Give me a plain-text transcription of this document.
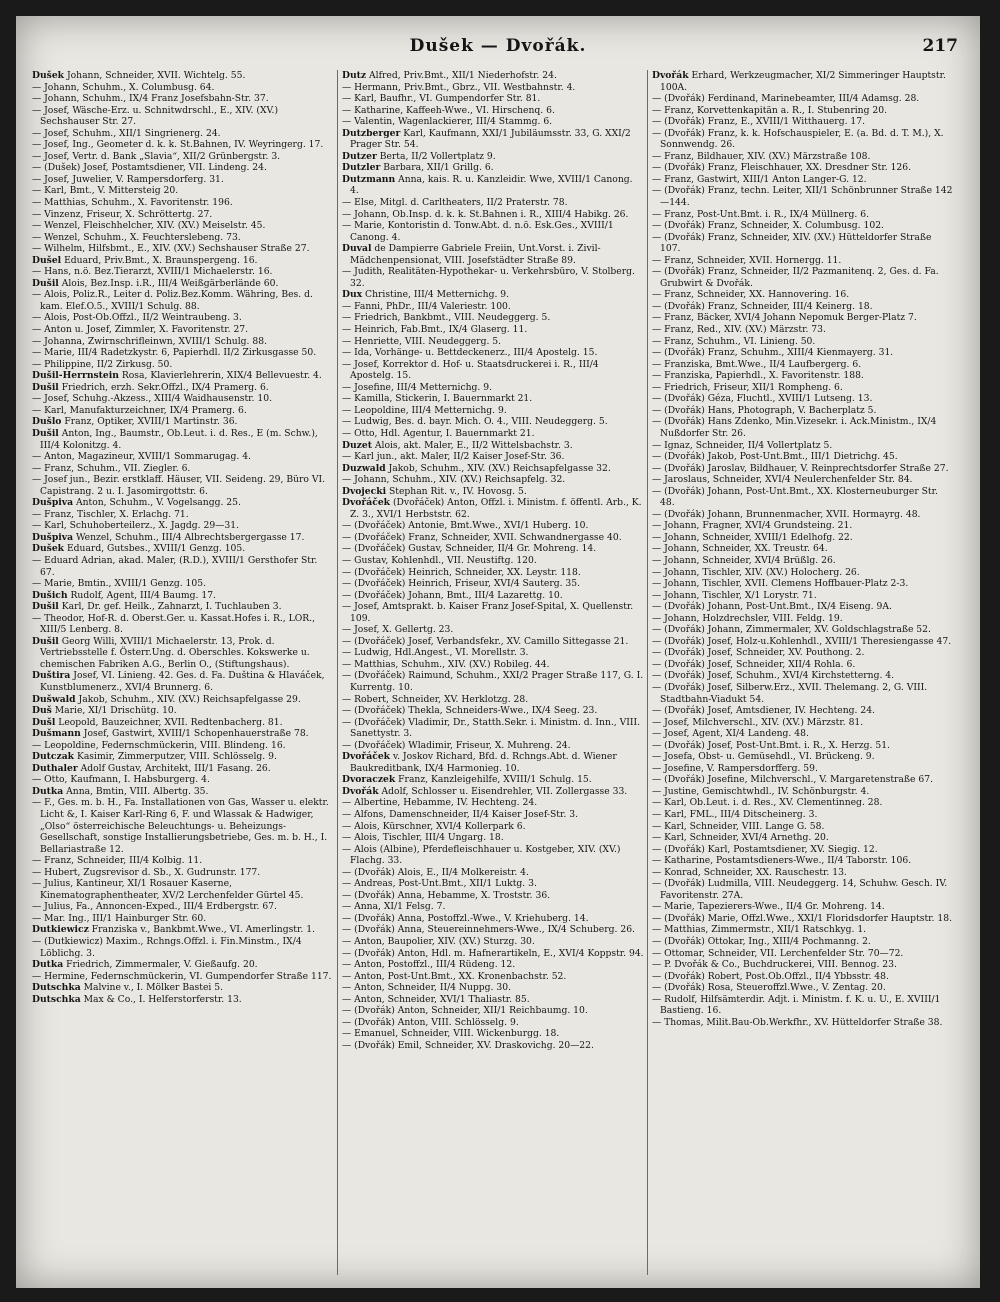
Dušek — Dvořák.	217

Dušek Johann, Schneider, XVII. Wichtelg. 55.

— Johann, Schuhm., X. Columbusg. 64.

— Johann, Schuhm., IX/4 Franz Josefsbahn-Str. 37.

— Josef, Wäsche-Erz. u. Schnitwdrschl., E., XIV. (XV.) Sechshauser Str. 27.

— Josef, Schuhm., XII/1 Singrienerg. 24.

— Josef, Ing., Geometer d. k. k. St.Bahnen, IV. Weyringerg. 17.

— Josef, Vertr. d. Bank „Slavia“, XII/2 Grünbergstr. 3.

— (Dušek) Josef, Postamtsdiener, VII. Lindeng. 24.

— Josef, Juwelier, V. Rampersdorferg. 31.

— Karl, Bmt., V. Mittersteig 20.

— Matthias, Schuhm., X. Favoritenstr. 196.

— Vinzenz, Friseur, X. Schröttertg. 27.

— Wenzel, Fleischhelcher, XIV. (XV.) Meiselstr. 45.

— Wenzel, Schuhm., X. Feuchterslebeng. 73.

— Wilhelm, Hilfsbmt., E., XIV. (XV.) Sechshauser Straße 27.

Dušel Eduard, Priv.Bmt., X. Braunspergeng. 16.

— Hans, n.ö. Bez.Tierarzt, XVIII/1 Michaelerstr. 16.

Dušil Alois, Bez.Insp. i.R., III/4 Weißgärberlände 60.

— Alois, Poliz.R., Leiter d. Poliz.Bez.Komm. Währing, Bes. d. kam. Elef.O.5., XVIII/1 Schulg. 88.

— Alois, Post-Ob.Offzl., II/2 Weintraubeng. 3.

— Anton u. Josef, Zimmler, X. Favoritenstr. 27.

— Johanna, Zwirnschrifleinwn, XVIII/1 Schulg. 88.

— Marie, III/4 Radetzkystr. 6, Papierhdl. II/2 Zirkusgasse 50.

— Philippine, II/2 Zirkusg. 50.

Dušil-Herrnstein Rosa, Klavierlehrerin, XIX/4 Bellevuestr. 4.

Dušil Friedrich, erzh. Sekr.Offzl., IX/4 Pramerg. 6.

— Josef, Schuhg.-Akzess., XIII/4 Waidhausenstr. 10.

— Karl, Manufakturzeichner, IX/4 Pramerg. 6.

Dušlo Franz, Optiker, XVIII/1 Martinstr. 36.

Dušil Anton, Ing., Baumstr., Ob.Leut. i. d. Res., E (m. Schw.), III/4 Kolonitzg. 4.

— Anton, Magazineur, XVIII/1 Sommarugag. 4.

— Franz, Schuhm., VII. Ziegler. 6.

— Josef jun., Bezir. erstklaff. Häuser, VII. Seideng. 29, Büro VI. Capistrang. 2 u. I. Jasomirgottstr. 6.

Dušpiva Anton, Schuhm., V. Vogelsangg. 25.

— Franz, Tischler, X. Erlachg. 71.

— Karl, Schuhoberteilerz., X. Jagdg. 29—31.

Dušpiva Wenzel, Schuhm., III/4 Albrechtsbergergasse 17.

Dušek Eduard, Gutsbes., XVIII/1 Genzg. 105.

— Eduard Adrian, akad. Maler, (R.D.), XVIII/1 Gersthofer Str. 67.

— Marie, Bmtin., XVIII/1 Genzg. 105.

Dušich Rudolf, Agent, III/4 Baumg. 17.

Dušil Karl, Dr. gef. Heilk., Zahnarzt, I. Tuchlauben 3.

— Theodor, Hof-R. d. Oberst.Ger. u. Kassat.Hofes i. R., LOR., XIII/5 Lenberg. 8.

Dušil Georg Willi, XVIII/1 Michaelerstr. 13, Prok. d. Vertriebsstelle f. Österr.Ung. d. Oberschles. Kokswerke u. chemischen Fabriken A.G., Berlin O., (Stiftungshaus).

Duštira Josef, VI. Linieng. 42. Ges. d. Fa. Duština & Hlaváček, Kunstblumenerz., XVI/4 Brunnerg. 6.

Dušwald Jakob, Schuhm., XIV. (XV.) Reichsapfelgasse 29.

Duš Marie, XI/1 Drischütg. 10.

Dušl Leopold, Bauzeichner, XVII. Redtenbacherg. 81.

Dušmann Josef, Gastwirt, XVIII/1 Schopenhauerstraße 78.

— Leopoldine, Federnschmückerin, VIII. Blindeng. 16.

Dutczak Kasimir, Zimmerputzer, VIII. Schlösselg. 9.

Duthaler Adolf Gustav, Architekt, III/1 Fasang. 26.

— Otto, Kaufmann, I. Habsburgerg. 4.

Dutka Anna, Bmtin, VIII. Albertg. 35.

— F., Ges. m. b. H., Fa. Installationen von Gas, Wasser u. elektr. Licht &, I. Kaiser Karl-Ring 6, F. und Wlassak & Hadwiger, „Olso“ österreichische Beleuchtungs- u. Beheizungs-Gesellschaft, sonstige Installierungsbetriebe, Ges. m. b. H., I. Bellariastraße 12.

— Franz, Schneider, III/4 Kolbig. 11.

— Hubert, Zugsrevisor d. Sb., X. Gudrunstr. 177.

— Julius, Kantineur, XI/1 Rosauer Kaserne, Kinematographentheater, XV/2 Lerchenfelder Gürtel 45.

— Julius, Fa., Annoncen-Exped., III/4 Erdbergstr. 67.

— Mar. Ing., III/1 Hainburger Str. 60.

Dutkiewicz Franziska v., Bankbmt.Wwe., VI. Amerlingstr. 1.

— (Dutkiewicz) Maxim., Rchngs.Offzl. i. Fin.Minstm., IX/4 Löblichg. 3.

Dutka Friedrich, Zimmermaler, V. Gießaufg. 20.

— Hermine, Federnschmückerin, VI. Gumpendorfer Straße 117.

Dutschka Malvine v., I. Mölker Bastei 5.

Dutschka Max & Co., I. Helferstorferstr. 13.

Dutz Alfred, Priv.Bmt., XII/1 Niederhofstr. 24.

— Hermann, Priv.Bmt., Gbrz., VII. Westbahnstr. 4.

— Karl, Baufhr., VI. Gumpendorfer Str. 81.

— Katharine, Kaffeeh-Wwe., VI. Hirschenq. 6.

— Valentin, Wagenlackierer, III/4 Stammg. 6.

Dutzberger Karl, Kaufmann, XXI/1 Jubiläumsstr. 33, G. XXI/2 Prager Str. 54.

Dutzer Berta, II/2 Vollertplatz 9.

Dutzler Barbara, XII/1 Grillg. 6.

Dutzmann Anna, kais. R. u. Kanzleidir. Wwe, XVIII/1 Canong. 4.

— Else, Mitgl. d. Carltheaters, II/2 Praterstr. 78.

— Johann, Ob.Insp. d. k. k. St.Bahnen i. R., XIII/4 Habikg. 26.

— Marie, Kontoristin d. Tonw.Abt. d. n.ö. Esk.Ges., XVIII/1 Canong. 4.

Duval de Dampierre Gabriele Freiin, Unt.Vorst. i. Zivil-Mädchenpensionat, VIII. Josefstädter Straße 89.

— Judith, Realitäten-Hypothekar- u. Verkehrsbüro, V. Stolberg. 32.

Dux Christine, III/4 Metternichg. 9.

— Fanni, PhDr., III/4 Valeriestr. 100.

— Friedrich, Bankbmt., VIII. Neudeggerg. 5.

— Heinrich, Fab.Bmt., IX/4 Glaserg. 11.

— Henriette, VIII. Neudeggerg. 5.

— Ida, Vorhänge- u. Bettdeckenerz., III/4 Apostelg. 15.

— Josef, Korrektor d. Hof- u. Staatsdruckerei i. R., III/4 Apostelg. 15.

— Josefine, III/4 Metternichg. 9.

— Kamilla, Stickerin, I. Bauernmarkt 21.

— Leopoldine, III/4 Metternichg. 9.

— Ludwig, Bes. d. bayr. Mich. O. 4., VIII. Neudeggerg. 5.

— Otto, Hdl. Agentur, I. Bauernmarkt 21.

Duzet Alois, akt. Maler, E., II/2 Wittelsbachstr. 3.

— Karl jun., akt. Maler, II/2 Kaiser Josef-Str. 36.

Duzwald Jakob, Schuhm., XIV. (XV.) Reichsapfelgasse 32.

— Johann, Schuhm., XIV. (XV.) Reichsapfelg. 32.

Dvojecki Stephan Rit. v., IV. Hovosg. 5.

Dvořáček (Dvořáček) Anton, Offzl. i. Ministm. f. öffentl. Arb., K. Z. 3., XVI/1 Herbststr. 62.

— (Dvořáček) Antonie, Bmt.Wwe., XVI/1 Huberg. 10.

— (Dvořáček) Franz, Schneider, XVII. Schwandnergasse 40.

— (Dvořáček) Gustav, Schneider, II/4 Gr. Mohreng. 14.

— Gustav, Kohlenhdl., VII. Neustiftg. 120.

— (Dvořáček) Heinrich, Schneider, XX. Leystr. 118.

— (Dvořáček) Heinrich, Friseur, XVI/4 Sauterg. 35.

— (Dvořáček) Johann, Bmt., III/4 Lazarettg. 10.

— Josef, Amtsprakt. b. Kaiser Franz Josef-Spital, X. Quellenstr. 109.

— Josef, X. Gellertg. 23.

— (Dvořáček) Josef, Verbandsfekr., XV. Camillo Sittegasse 21.

— Ludwig, Hdl.Angest., VI. Morellstr. 3.

— Matthias, Schuhm., XIV. (XV.) Robileg. 44.

— (Dvořáček) Raimund, Schuhm., XXI/2 Prager Straße 117, G. I. Kurrentg. 10.

— Robert, Schneider, XV. Herklotzg. 28.

— (Dvořáček) Thekla, Schneiders-Wwe., IX/4 Seeg. 23.

— (Dvořáček) Vladimir, Dr., Statth.Sekr. i. Ministm. d. Inn., VIII. Sanettystr. 3.

— (Dvořáček) Wladimir, Friseur, X. Muhreng. 24.

Dvořáček v. Joskov Richard, Bfd. d. Rchngs.Abt. d. Wiener Baukreditbank, IX/4 Harmonieg. 10.

Dvoraczek Franz, Kanzleigehilfe, XVIII/1 Schulg. 15.

Dvořák Adolf, Schlosser u. Eisendrehler, VII. Zollergasse 33.

— Albertine, Hebamme, IV. Hechteng. 24.

— Alfons, Damenschneider, II/4 Kaiser Josef-Str. 3.

— Alois, Kürschner, XVI/4 Kollerpark 6.

— Alois, Tischler, III/4 Ungarg. 18.

— Alois (Albine), Pferdefleischhauer u. Kostgeber, XIV. (XV.) Flachg. 33.

— (Dvořák) Alois, E., II/4 Molkereistr. 4.

— Andreas, Post-Unt.Bmt., XII/1 Luktg. 3.

— (Dvořák) Anna, Hebamme, X. Troststr. 36.

— Anna, XI/1 Felsg. 7.

— (Dvořák) Anna, Postoffzl.-Wwe., V. Kriehuberg. 14.

— (Dvořák) Anna, Steuereinnehmers-Wwe., IX/4 Schuberg. 26.

— Anton, Baupolier, XIV. (XV.) Sturzg. 30.

— (Dvořák) Anton, Hdl. m. Hafnerartikeln, E., XVI/4 Koppstr. 94.

— Anton, Postoffzl., III/4 Rüdeng. 12.

— Anton, Post-Unt.Bmt., XX. Kronenbachstr. 52.

— Anton, Schneider, II/4 Nuppg. 30.

— Anton, Schneider, XVI/1 Thaliastr. 85.

— (Dvořák) Anton, Schneider, XII/1 Reichbaumg. 10.

— (Dvořák) Anton, VIII. Schlösselg. 9.

— Emanuel, Schneider, VIII. Wickenburgg. 18.

— (Dvořák) Emil, Schneider, XV. Draskovichg. 20—22.

Dvořák Erhard, Werkzeugmacher, XI/2 Simmeringer Hauptstr. 100A.

— (Dvořák) Ferdinand, Marinebeamter, III/4 Adamsg. 28.

— Franz, Korvettenkapitän a. R., I. Stubenring 20.

— (Dvořák) Franz, E., XVIII/1 Witthauerg. 17.

— (Dvořák) Franz, k. k. Hofschauspieler, E. (a. Bd. d. T. M.), X. Sonnwendg. 26.

— Franz, Bildhauer, XIV. (XV.) Märzstraße 108.

— (Dvořák) Franz, Fleischhauer, XX. Dresdner Str. 126.

— Franz, Gastwirt, XIII/1 Anton Langer-G. 12.

— (Dvořák) Franz, techn. Leiter, XII/1 Schönbrunner Straße 142—144.

— Franz, Post-Unt.Bmt. i. R., IX/4 Müllnerg. 6.

— (Dvořák) Franz, Schneider, X. Columbusg. 102.

— (Dvořák) Franz, Schneider, XIV. (XV.) Hütteldorfer Straße 107.

— Franz, Schneider, XVII. Hornergg. 11.

— (Dvořák) Franz, Schneider, II/2 Pazmanitenq. 2, Ges. d. Fa. Grubwirt & Dvořák.

— Franz, Schneider, XX. Hannovering. 16.

— (Dvořák) Franz, Schneider, III/4 Keinerg. 18.

— Franz, Bäcker, XVI/4 Johann Nepomuk Berger-Platz 7.

— Franz, Red., XIV. (XV.) Märzstr. 73.

— Franz, Schuhm., VI. Linieng. 50.

— (Dvořák) Franz, Schuhm., XIII/4 Kienmayerg. 31.

— Franziska, Bmt.Wwe., II/4 Laufbergerg. 6.

— Franziska, Papierhdl., X. Favoritenstr. 188.

— Friedrich, Friseur, XII/1 Rompheng. 6.

— (Dvořák) Géza, Fluchtl., XVIII/1 Lutseng. 13.

— (Dvořák) Hans, Photograph, V. Bacherplatz 5.

— (Dvořák) Hans Zdenko, Min.Vizesekr. i. Ack.Ministm., IX/4 Nußdorfer Str. 26.

— Ignaz, Schneider, II/4 Vollertplatz 5.

— (Dvořák) Jakob, Post-Unt.Bmt., III/1 Dietrichg. 45.

— (Dvořák) Jaroslav, Bildhauer, V. Reinprechtsdorfer Straße 27.

— Jaroslaus, Schneider, XVI/4 Neulerchenfelder Str. 84.

— (Dvořák) Johann, Post-Unt.Bmt., XX. Klosterneuburger Str. 48.

— (Dvořák) Johann, Brunnenmacher, XVII. Hormayrg. 48.

— Johann, Fragner, XVI/4 Grundsteing. 21.

— Johann, Schneider, XVIII/1 Edelhofg. 22.

— Johann, Schneider, XX. Treustr. 64.

— Johann, Schneider, XVI/4 Brüßlg. 26.

— Johann, Tischler, XIV. (XV.) Holocherg. 26.

— Johann, Tischler, XVII. Clemens Hoffbauer-Platz 2-3.

— Johann, Tischler, X/1 Lorystr. 71.

— (Dvořák) Johann, Post-Unt.Bmt., IX/4 Eiseng. 9A.

— Johann, Holzdrechsler, VIII. Feldg. 19.

— (Dvořák) Johann, Zimmermaler, XV. Goldschlagstraße 52.

— (Dvořák) Josef, Holz-u.Kohlenhdl., XVIII/1 Theresiengasse 47.

— (Dvořák) Josef, Schneider, XV. Pouthong. 2.

— (Dvořák) Josef, Schneider, XII/4 Rohla. 6.

— (Dvořák) Josef, Schuhm., XVI/4 Kirchstetterng. 4.

— (Dvořák) Josef, Silberw.Erz., XVII. Thelemang. 2, G. VIII. Stadtbahn-Viadukt 54.

— (Dvořák) Josef, Amtsdiener, IV. Hechteng. 24.

— Josef, Milchverschl., XIV. (XV.) Märzstr. 81.

— Josef, Agent, XI/4 Landeng. 48.

— (Dvořák) Josef, Post-Unt.Bmt. i. R., X. Herzg. 51.

— Josefa, Obst- u. Gemüsehdl., VI. Brückeng. 9.

— Josefine, V. Rampersdorfferg. 59.

— (Dvořák) Josefine, Milchverschl., V. Margaretenstraße 67.

— Justine, Gemischtwhdl., IV. Schönburgstr. 4.

— Karl, Ob.Leut. i. d. Res., XV. Clementinneg. 28.

— Karl, FML., III/4 Ditscheinerg. 3.

— Karl, Schneider, VIII. Lange G. 58.

— Karl, Schneider, XVI/4 Arnethg. 20.

— (Dvořák) Karl, Postamtsdiener, XV. Siegig. 12.

— Katharine, Postamtsdieners-Wwe., II/4 Taborstr. 106.

— Konrad, Schneider, XX. Rauschestr. 13.

— (Dvořák) Ludmilla, VIII. Neudeggerg. 14, Schuhw. Gesch. IV. Favoritenstr. 27A.

— Marie, Tapezierers-Wwe., II/4 Gr. Mohreng. 14.

— (Dvořák) Marie, Offzl.Wwe., XXI/1 Floridsdorfer Hauptstr. 18.

— Matthias, Zimmermstr., XII/1 Ratschkyg. 1.

— (Dvořák) Ottokar, Ing., XIII/4 Pochmanng. 2.

— Ottomar, Schneider, VII. Lerchenfelder Str. 70—72.

— P. Dvořák & Co., Buchdruckerei, VIII. Bennog. 23.

— (Dvořák) Robert, Post.Ob.Offzl., II/4 Ybbsstr. 48.

— (Dvořák) Rosa, Steueroffzl.Wwe., V. Zentag. 20.

— Rudolf, Hilfsämterdir. Adjt. i. Ministm. f. K. u. U., E. XVIII/1 Bastieng. 16.

— Thomas, Milit.Bau-Ob.Werkfhr., XV. Hütteldorfer Straße 38.
